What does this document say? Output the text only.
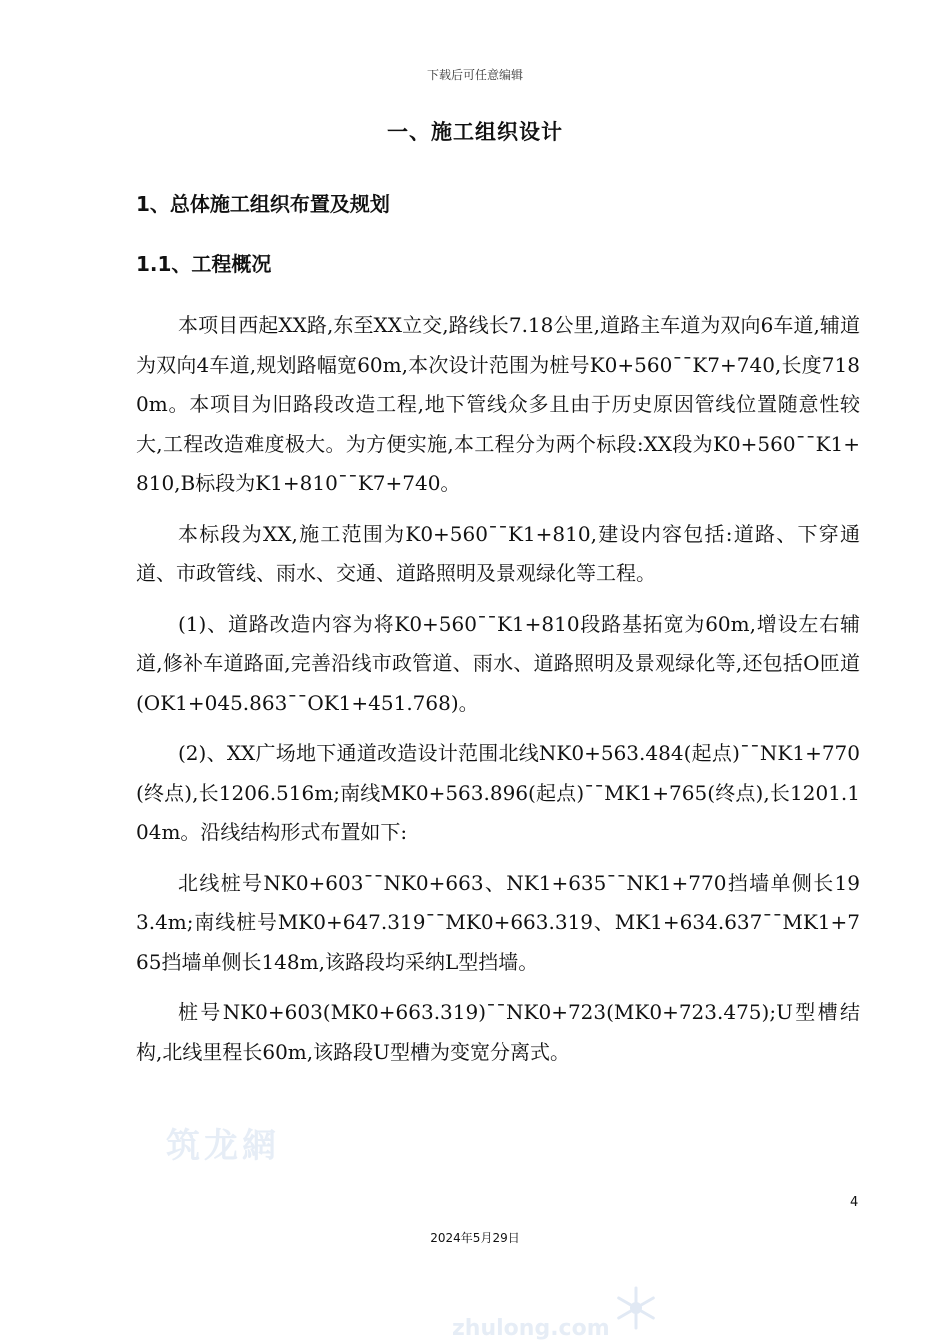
下载后可任意编辑
一、施工组织设计
1、总体施工组织布置及规划
1.1、工程概况

本项目西起XX路,东至XX立交,路线长7.18公里,道路主车道为双向6车道,辅道为双向4车道,规划路幅宽60m,本次设计范围为桩号K0+560¯¯K7+740,长度7180m。本项目为旧路段改造工程,地下管线众多且由于历史原因管线位置随意性较大,工程改造难度极大。为方便实施,本工程分为两个标段:XX段为K0+560¯¯K1+810,B标段为K1+810¯¯K7+740。

本标段为XX,施工范围为K0+560¯¯K1+810,建设内容包括:道路、下穿通道、市政管线、雨水、交通、道路照明及景观绿化等工程。

(1)、道路改造内容为将K0+560¯¯K1+810段路基拓宽为60m,增设左右辅道,修补车道路面,完善沿线市政管道、雨水、道路照明及景观绿化等,还包括O匝道(OK1+045.863¯¯OK1+451.768)。

(2)、XX广场地下通道改造设计范围北线NK0+563.484(起点)¯¯NK1+770(终点),长1206.516m;南线MK0+563.896(起点)¯¯MK1+765(终点),长1201.104m。沿线结构形式布置如下:

北线桩号NK0+603¯¯NK0+663、NK1+635¯¯NK1+770挡墙单侧长193.4m;南线桩号MK0+647.319¯¯MK0+663.319、MK1+634.637¯¯MK1+765挡墙单侧长148m,该路段均采纳L型挡墙。

桩号NK0+603(MK0+663.319)¯¯NK0+723(MK0+723.475);U型槽结构,北线里程长60m,该路段U型槽为变宽分离式。

筑龙網
zhulong.com
4
2024年5月29日
